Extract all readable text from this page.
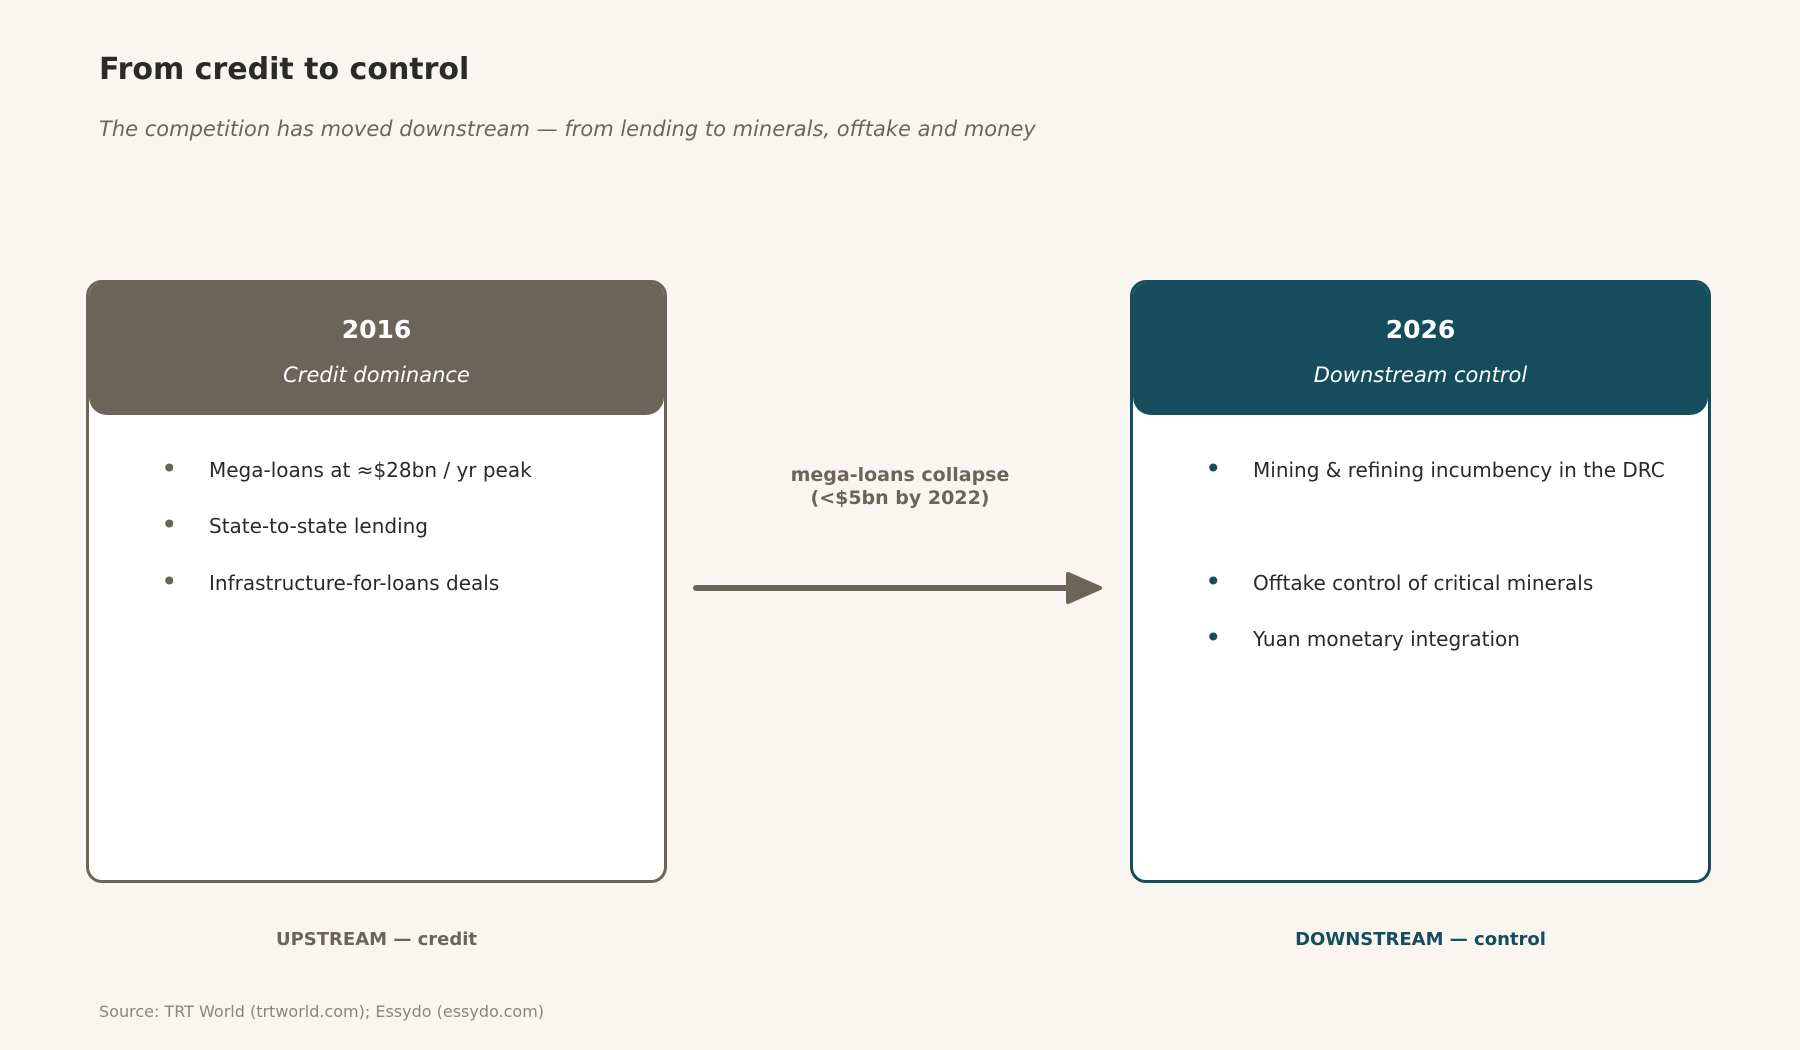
From credit to control
The competition has moved downstream — from lending to minerals, offtake and money
2016
Credit dominance
• Mega-loans at ≈$28bn / yr peak
• State-to-state lending
• Infrastructure-for-loans deals
mega-loans collapse
(<$5bn by 2022)
2026
Downstream control
• Mining & refining incumbency in the DRC
• Offtake control of critical minerals
• Yuan monetary integration
UPSTREAM — credit	DOWNSTREAM — control
Source: TRT World (trtworld.com); Essydo (essydo.com)
